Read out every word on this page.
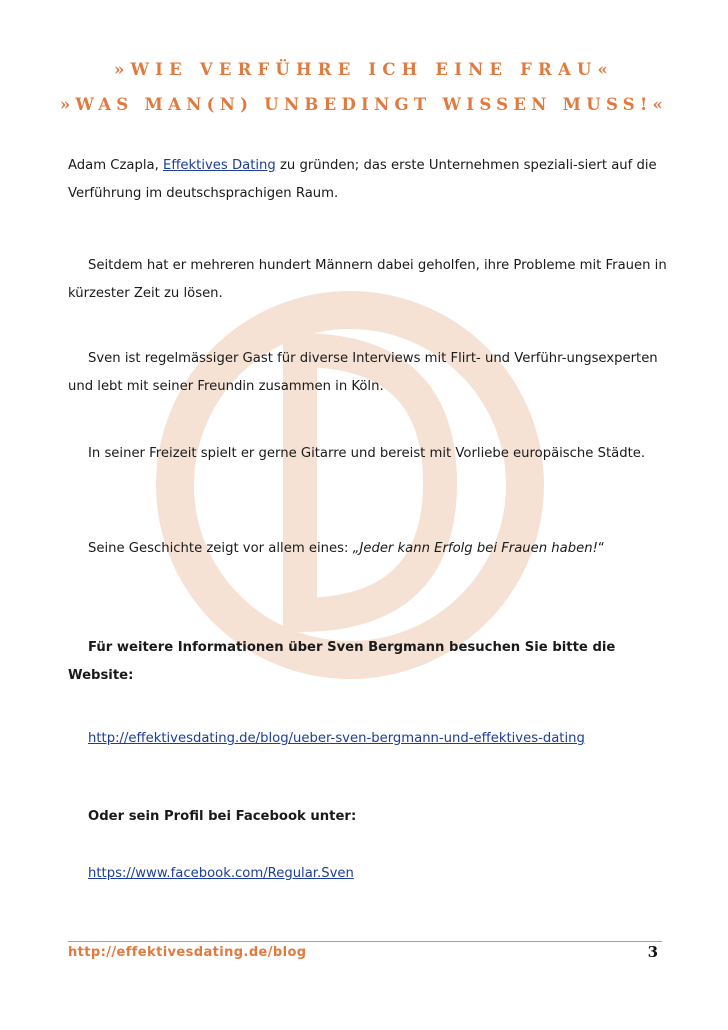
»WIE VERFÜHRE ICH EINE FRAU«
»WAS MAN(N) UNBEDINGT WISSEN MUSS!«

Adam Czapla, Effektives Dating zu gründen; das erste Unternehmen speziali-siert auf die Verführung im deutschsprachigen Raum.

Seitdem hat er mehreren hundert Männern dabei geholfen, ihre Probleme mit Frauen in kürzester Zeit zu lösen.

Sven ist regelmässiger Gast für diverse Interviews mit Flirt- und Verführ-ungsexperten und lebt mit seiner Freundin zusammen in Köln.

In seiner Freizeit spielt er gerne Gitarre und bereist mit Vorliebe europäische Städte.

Seine Geschichte zeigt vor allem eines: „Jeder kann Erfolg bei Frauen haben!“

Für weitere Informationen über Sven Bergmann besuchen Sie bitte die Website:

http://effektivesdating.de/blog/ueber-sven-bergmann-und-effektives-dating

Oder sein Profil bei Facebook unter:

https://www.facebook.com/Regular.Sven
http://effektivesdating.de/blog	3
